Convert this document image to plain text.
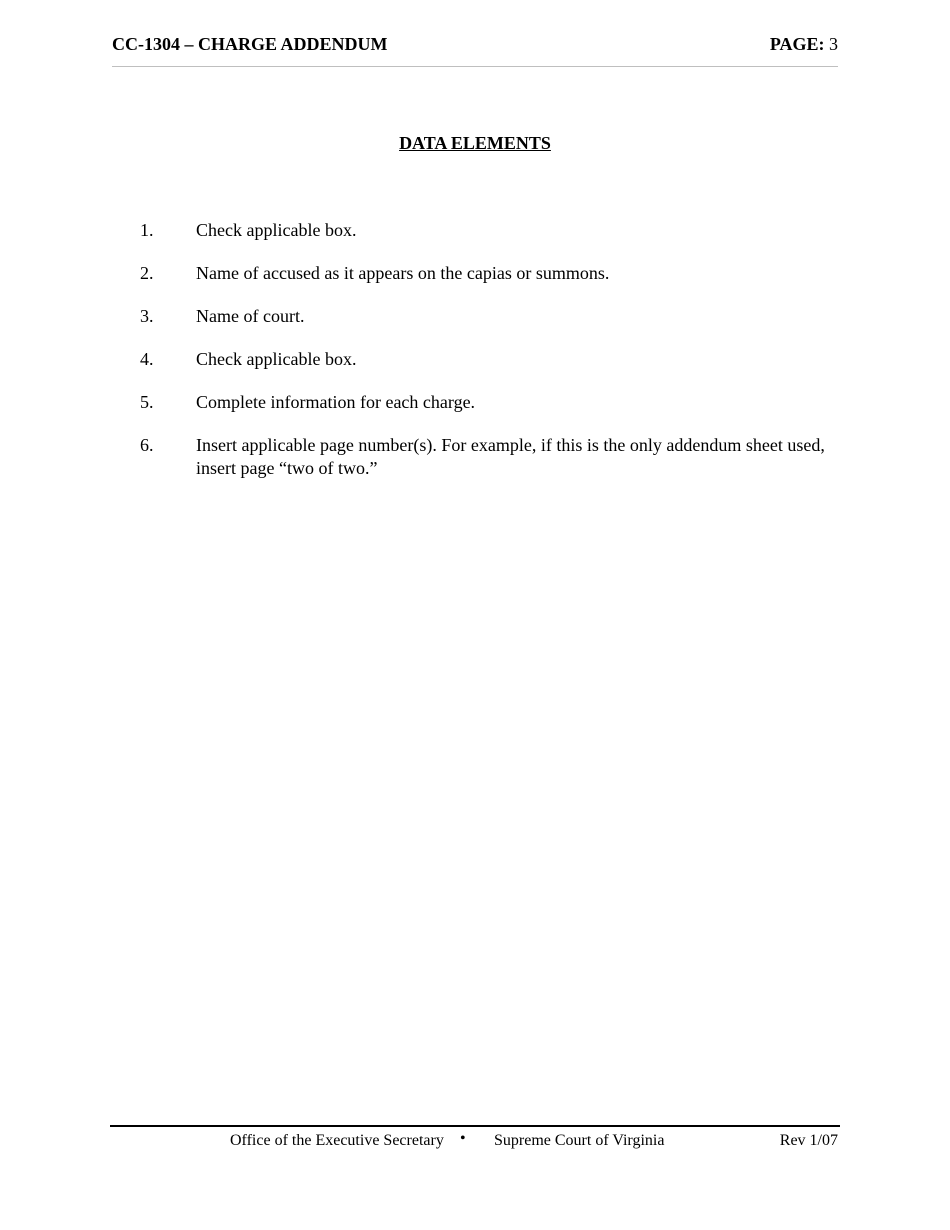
CC-1304 – CHARGE ADDENDUM	PAGE: 3
DATA ELEMENTS
1. Check applicable box.
2. Name of accused as it appears on the capias or summons.
3. Name of court.
4. Check applicable box.
5. Complete information for each charge.
6. Insert applicable page number(s). For example, if this is the only addendum sheet used, insert page “two of two.”
Office of the Executive Secretary • Supreme Court of Virginia	Rev 1/07
